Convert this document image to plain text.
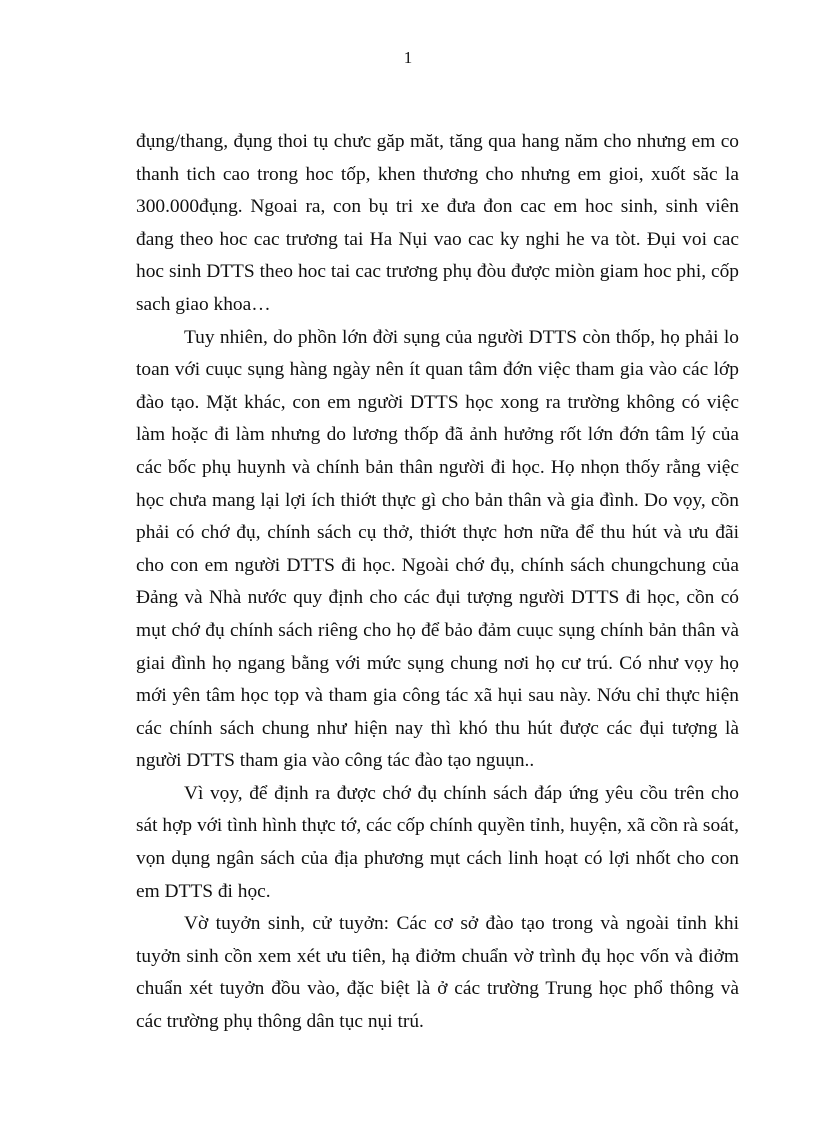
1

đụng/thang, đụng thoi tụ chưc găp măt, tăng qua hang năm cho nhưng em co thanh tich cao trong hoc tốp, khen thương cho nhưng em gioi, xuốt săc la 300.000đụng. Ngoai ra, con bụ tri xe đưa đon cac em hoc sinh, sinh viên đang theo hoc cac trương tai Ha Nụi vao cac ky nghi he va tòt. Đụi voi cac hoc sinh DTTS theo hoc tai cac trương phụ đòu được miòn giam hoc phi, cốp sach giao khoa…

Tuy nhiên, do phồn lớn đời sụng của người DTTS còn thốp, họ phải lo toan với cuục sụng hàng ngày nên ít quan tâm đớn việc tham gia vào các lớp đào tạo. Mặt khác, con em người DTTS học xong ra trường không có việc làm hoặc đi làm nhưng do lương thốp đã ảnh hưởng rốt lớn đớn tâm lý của các bốc phụ huynh và chính bản thân người đi học. Họ nhọn thốy rằng việc học chưa mang lại lợi ích thiớt thực gì cho bản thân và gia đình. Do vọy, cồn phải có chớ đụ, chính sách cụ thở, thiớt thực hơn nữa để thu hút và ưu đãi cho con em người DTTS đi học. Ngoài chớ đụ, chính sách chungchung của Đảng và Nhà nước quy định cho các đụi tượng người DTTS đi học, cồn có mụt chớ đụ chính sách riêng cho họ để bảo đảm cuục sụng chính bản thân và giai đình họ ngang bằng với mức sụng chung nơi họ cư trú. Có như vọy họ mới yên tâm học tọp và tham gia công tác xã hụi sau này. Nớu chỉ thực hiện các chính sách chung như hiện nay thì khó thu hút được các đụi tượng là người DTTS tham gia vào công tác đào tạo nguụn..

Vì vọy, để định ra được chớ đụ chính sách đáp ứng yêu cồu trên cho sát hợp với tình hình thực tớ, các cốp chính quyền tỉnh, huyện, xã cồn rà soát, vọn dụng ngân sách của địa phương mụt cách linh hoạt có lợi nhốt cho con em DTTS đi học.

Vờ tuyởn sinh, cử tuyởn: Các cơ sở đào tạo trong và ngoài tỉnh khi tuyởn sinh cồn xem xét ưu tiên, hạ điởm chuẩn vờ trình đụ học vốn và điởm chuẩn xét tuyởn đồu vào, đặc biệt là ở các trường Trung học phổ thông và các trường phụ thông dân tục nụi trú.
